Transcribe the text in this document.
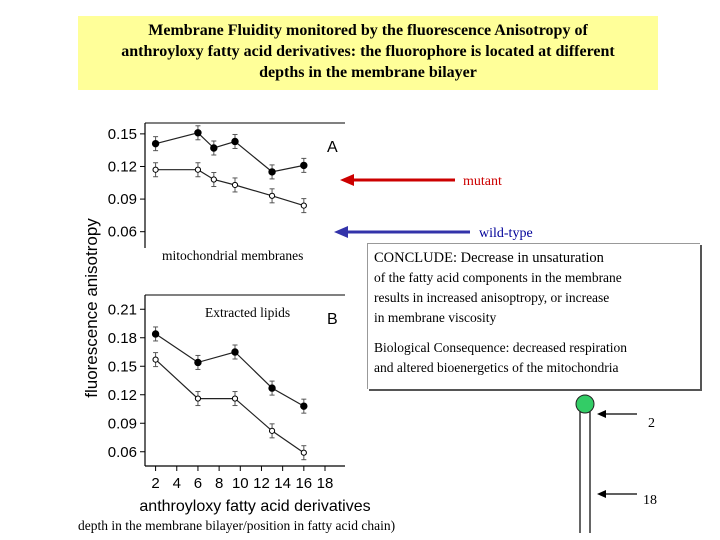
Membrane Fluidity monitored by the fluorescence Anisotropy of
anthroyloxy fatty acid derivatives: the fluorophore is located at different
depths in the membrane bilayer
0.15
0.12
0.09
0.06
0.21
0.18
0.15
0.12
0.09
0.06
2 4 6 8 10 12 14 16 18
fluorescence anisotropy
anthroyloxy fatty acid derivatives
A
B
2
18
mitochondrial membranes
Extracted lipids
mutant
wild-type

CONCLUDE: Decrease in unsaturation

of the fatty acid components in the membrane

results in increased anisoptropy, or increase

in membrane viscosity

Biological Consequence: decreased respiration

and altered bioenergetics of the mitochondria

depth in the membrane bilayer/position in fatty acid chain)
